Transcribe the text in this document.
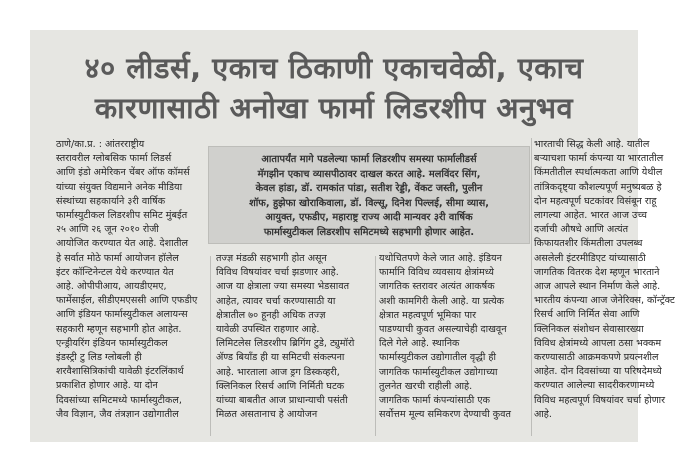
४० लीडर्स, एकाच ठिकाणी एकाचवेळी, एकाच
कारणासाठी अनोखा फार्मा लिडरशीप अनुभव
ठाणे/का.प्र. : आंतरराष्ट्रीय
स्तरावरील ग्लोबसिक फार्मा लिडर्स
आणि इंडो अमेरिकन चेंबर ऑफ कॉमर्स
यांच्या संयुक्त विद्यमाने अनेक मीडिया
संस्थांच्या सहकार्याने ३री वार्षिक
फार्मास्युटीकल लिडरशीप समिट मुंबईत
२५ आणि २६ जून २०१० रोजी
आयोजित करण्यात येत आहे. देशातील
हे सर्वात मोठे फार्मा आयोजन हॉलेल
इंटर कॉन्टिनेन्टल येथे करण्यात येत
आहे. ओपीपीआय, आयडीएमए,
फार्मेसाईल, सीडीएमएससी आणि एफडीए
आणि इंडियन फार्मास्युटीकल अलायन्स
सहकारी म्हणून सहभागी होत आहेत.
एन्ड्रीयरिंग इंडियन फार्मास्युटीकल
इंडस्ट्री टु लिड ग्लोबली ही
शरवैशासित्रिकांची यावेळी इंटरलिंकार्थ
प्रकाशित होणार आहे. या दोन
दिवसांच्या समिटमध्ये फार्मास्युटीकल,
जैव विज्ञान, जैव तंत्रज्ञान उद्योगातील
आतापर्यंत मागे पडलेल्या फार्मा लिडरशीप समस्या फार्मालीडर्स
मॅगझीन एकाच व्यासपीठावर दाखल करत आहे. मलविंदर सिंग,
केवल हांडा, डॉ. रामकांत पांडा, सतीश रेड्डी, वेंकट जस्ती, पुलीन
शॉफ, हुझेफा खोराकिवाला, डॉ. विल्सू, दिनेश पिल्लई, सीमा व्यास,
आयुक्त, एफडीए, महाराष्ट्र राज्य आदी मान्यवर ३री वार्षिक
फार्मास्युटीकल लिडरशीप समिटमध्ये सहभागी होणार आहेत.
तज्ज्ञ मंडळी सहभागी होत असून
विविध विषयांवर चर्चा झडणार आहे.
आज या क्षेत्राला ज्या समस्या भेडसावत
आहेत, त्यावर चर्चा करण्यासाठी या
क्षेत्रातील ७० हूनही अधिक तज्ज्ञ
यावेळी उपस्थित राहणार आहे.
लिमिटलेस लिडरशीप ब्रिगिंग टुडे, ट्युमॉरो
ॲण्ड बियॉंड ही या समिटची संकल्पना
आहे. भारताला आज ड्रग डिस्कव्हरी,
क्लिनिकल रिसर्च आणि निर्मिती घटक
यांच्या बाबतीत आज प्राधान्याची पसंती
मिळत असतानाच हे आयोजन
यथोचितपणे केले जात आहे. इंडियन
फार्मानि विविध व्यवसाय क्षेत्रांमध्ये
जागतिक स्तरावर अत्यंत आकर्षक
अशी कामगिरी केली आहे. या प्रत्येक
क्षेत्रात महत्वपूर्ण भूमिका पार
पाडण्याची कुवत असल्याचेही दाखवून
दिले गेले आहे. स्थानिक
फार्मास्युटीकल उद्योगातील वृद्धी ही
जागतिक फार्मास्युटीकल उद्योगाच्या
तुलनेत खरची राहीली आहे.
जागतिक फार्मा कंपन्यांसाठी एक
सर्वोत्तम मूल्य समिकरण देण्याची कुवत
भारताची सिद्ध केली आहे. यातील
बऱ्याचशा फार्मा कंपन्या या भारतातील
किंमतीतील स्पर्धात्मकता आणि येथील
तांत्रिकदृष्ट्या कौशल्यपूर्ण मनुष्यबळ हे
दोन महत्वपूर्ण घटकांवर विसंबून राहू
लागल्या आहेत. भारत आज उच्च
दर्जाची औषधे आणि अत्यंत
किफायतशीर किंमतीला उपलब्ध
असलेली इंटरमीडिएट यांच्यासाठी
जागतिक वितरक देश म्हणून भारताने
आज आपले स्थान निर्माण केले आहे.
भारतीय कंपन्या आज जेनेरिक्स, कॉन्ट्रॅक्ट
रिसर्च आणि निर्मित सेवा आणि
क्लिनिकल संशोधन सेवासारख्या
विविध क्षेत्रांमध्ये आपला ठसा भक्कम
करण्यासाठी आक्रमकपणे प्रयत्नशील
आहेत. दोन दिवसांच्या या परिषदेमध्ये
करण्यात आलेल्या सादरीकरणामध्ये
विविध महत्वपूर्ण विषयांवर चर्चा होणार
आहे.
